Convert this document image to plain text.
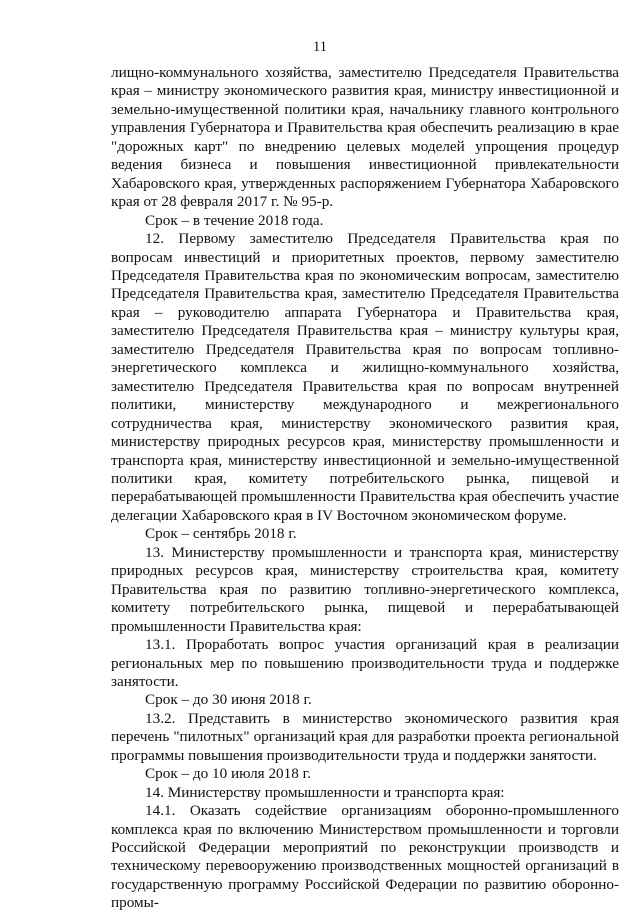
11

лищно-коммунального хозяйства, заместителю Председателя Правительства края – министру экономического развития края, министру инвестиционной и земельно-имущественной политики края, начальнику главного контрольного управления Губернатора и Правительства края обеспечить реализацию в крае "дорожных карт" по внедрению целевых моделей упрощения процедур ведения бизнеса и повышения инвестиционной привлекательности Хабаровского края, утвержденных распоряжением Губернатора Хабаровского края от 28 февраля 2017 г. № 95-р.

Срок – в течение 2018 года.

12. Первому заместителю Председателя Правительства края по вопросам инвестиций и приоритетных проектов, первому заместителю Председателя Правительства края по экономическим вопросам, заместителю Председателя Правительства края, заместителю Председателя Правительства края – руководителю аппарата Губернатора и Правительства края, заместителю Председателя Правительства края – министру культуры края, заместителю Председателя Правительства края по вопросам топливно-энергетического комплекса и жилищно-коммунального хозяйства, заместителю Председателя Правительства края по вопросам внутренней политики, министерству международного и межрегионального сотрудничества края, министерству экономического развития края, министерству природных ресурсов края, министерству промышленности и транспорта края, министерству инвестиционной и земельно-имущественной политики края, комитету потребительского рынка, пищевой и перерабатывающей промышленности Правительства края обеспечить участие делегации Хабаровского края в IV Восточном экономическом форуме.

Срок – сентябрь 2018 г.

13. Министерству промышленности и транспорта края, министерству природных ресурсов края, министерству строительства края, комитету Правительства края по развитию топливно-энергетического комплекса, комитету потребительского рынка, пищевой и перерабатывающей промышленности Правительства края:

13.1. Проработать вопрос участия организаций края в реализации региональных мер по повышению производительности труда и поддержке занятости.

Срок – до 30 июня 2018 г.

13.2. Представить в министерство экономического развития края перечень "пилотных" организаций края для разработки проекта региональной программы повышения производительности труда и поддержки занятости.

Срок – до 10 июля 2018 г.

14. Министерству промышленности и транспорта края:

14.1. Оказать содействие организациям оборонно-промышленного комплекса края по включению Министерством промышленности и торговли Российской Федерации мероприятий по реконструкции производств и техническому перевооружению производственных мощностей организаций в государственную программу Российской Федерации по развитию оборонно-промы-
